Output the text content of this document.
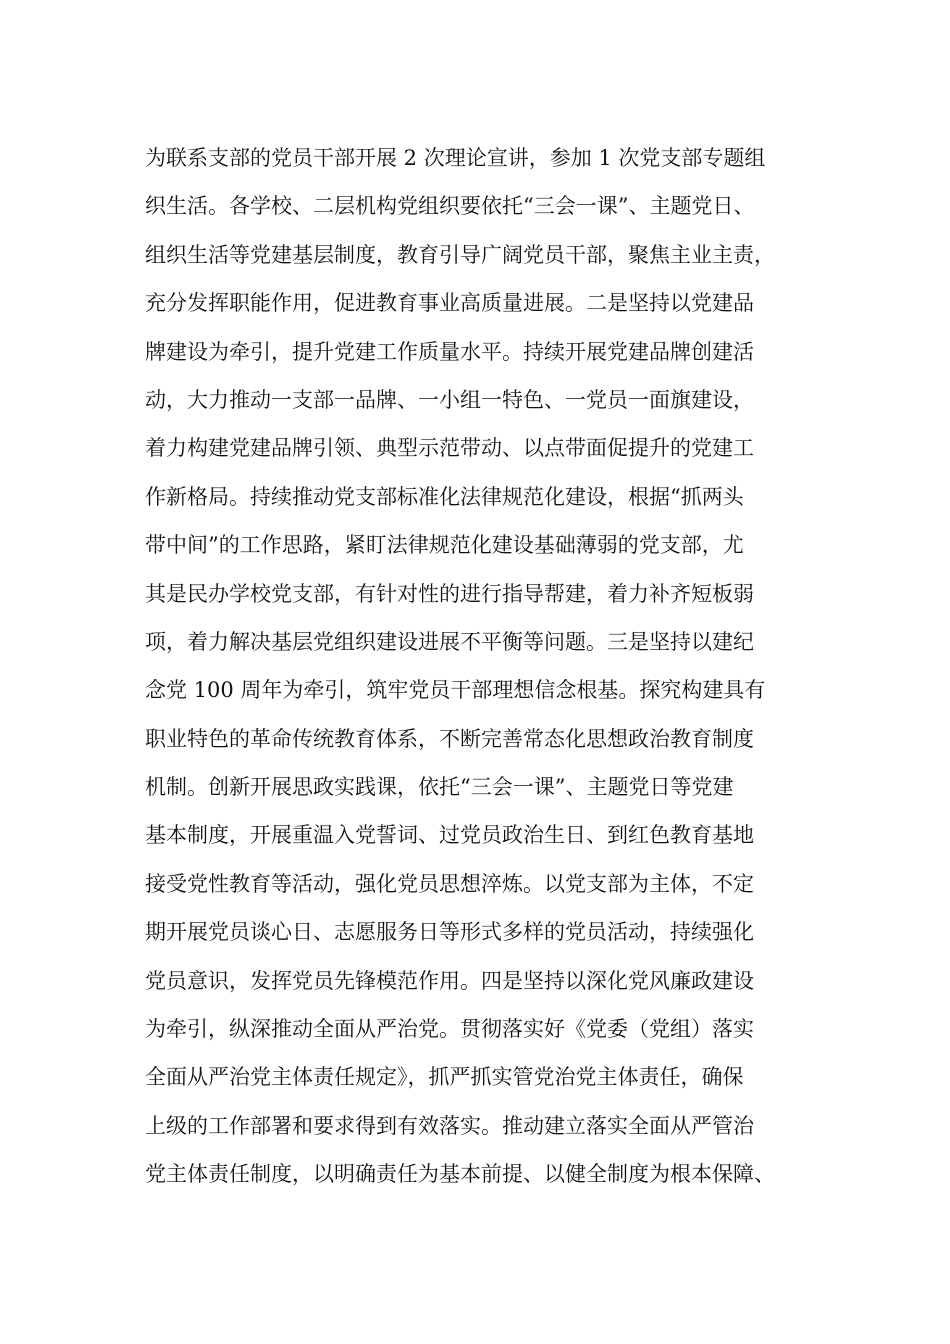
为联系支部的党员干部开展 2 次理论宣讲，参加 1 次党支部专题组
织生活。各学校、二层机构党组织要依托“三会一课”、主题党日、
组织生活等党建基层制度，教育引导广阔党员干部，聚焦主业主责，
充分发挥职能作用，促进教育事业高质量进展。二是坚持以党建品
牌建设为牵引，提升党建工作质量水平。持续开展党建品牌创建活
动，大力推动一支部一品牌、一小组一特色、一党员一面旗建设，
着力构建党建品牌引领、典型示范带动、以点带面促提升的党建工
作新格局。持续推动党支部标准化法律规范化建设，根据“抓两头
带中间”的工作思路，紧盯法律规范化建设基础薄弱的党支部，尤
其是民办学校党支部，有针对性的进行指导帮建，着力补齐短板弱
项，着力解决基层党组织建设进展不平衡等问题。三是坚持以建纪
念党 100 周年为牵引，筑牢党员干部理想信念根基。探究构建具有
职业特色的革命传统教育体系，不断完善常态化思想政治教育制度
机制。创新开展思政实践课，依托“三会一课”、主题党日等党建
基本制度，开展重温入党誓词、过党员政治生日、到红色教育基地
接受党性教育等活动，强化党员思想淬炼。以党支部为主体，不定
期开展党员谈心日、志愿服务日等形式多样的党员活动，持续强化
党员意识，发挥党员先锋模范作用。四是坚持以深化党风廉政建设
为牵引，纵深推动全面从严治党。贯彻落实好《党委（党组）落实
全面从严治党主体责任规定》，抓严抓实管党治党主体责任，确保
上级的工作部署和要求得到有效落实。推动建立落实全面从严管治
党主体责任制度，以明确责任为基本前提、以健全制度为根本保障、
